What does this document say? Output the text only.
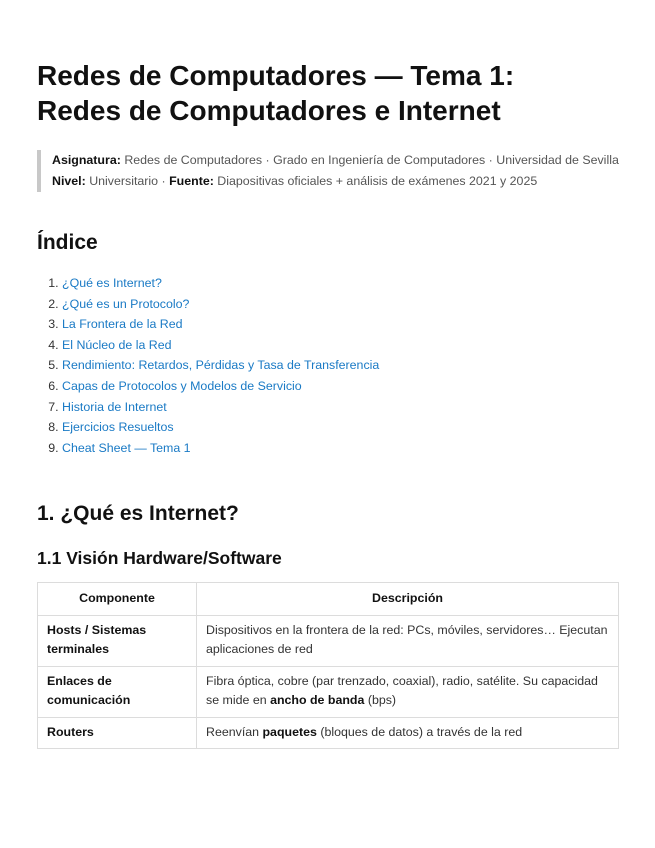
Redes de Computadores — Tema 1:
Redes de Computadores e Internet
Asignatura: Redes de Computadores · Grado en Ingeniería de Computadores · Universidad de Sevilla
Nivel: Universitario · Fuente: Diapositivas oficiales + análisis de exámenes 2021 y 2025
Índice
1. ¿Qué es Internet?
2. ¿Qué es un Protocolo?
3. La Frontera de la Red
4. El Núcleo de la Red
5. Rendimiento: Retardos, Pérdidas y Tasa de Transferencia
6. Capas de Protocolos y Modelos de Servicio
7. Historia de Internet
8. Ejercicios Resueltos
9. Cheat Sheet — Tema 1
1. ¿Qué es Internet?
1.1 Visión Hardware/Software
Componente	Descripción
Hosts / Sistemas terminales	Dispositivos en la frontera de la red: PCs, móviles, servidores… Ejecutan aplicaciones de red
Enlaces de comunicación	Fibra óptica, cobre (par trenzado, coaxial), radio, satélite. Su capacidad se mide en ancho de banda (bps)
Routers	Reenvían paquetes (bloques de datos) a través de la red
